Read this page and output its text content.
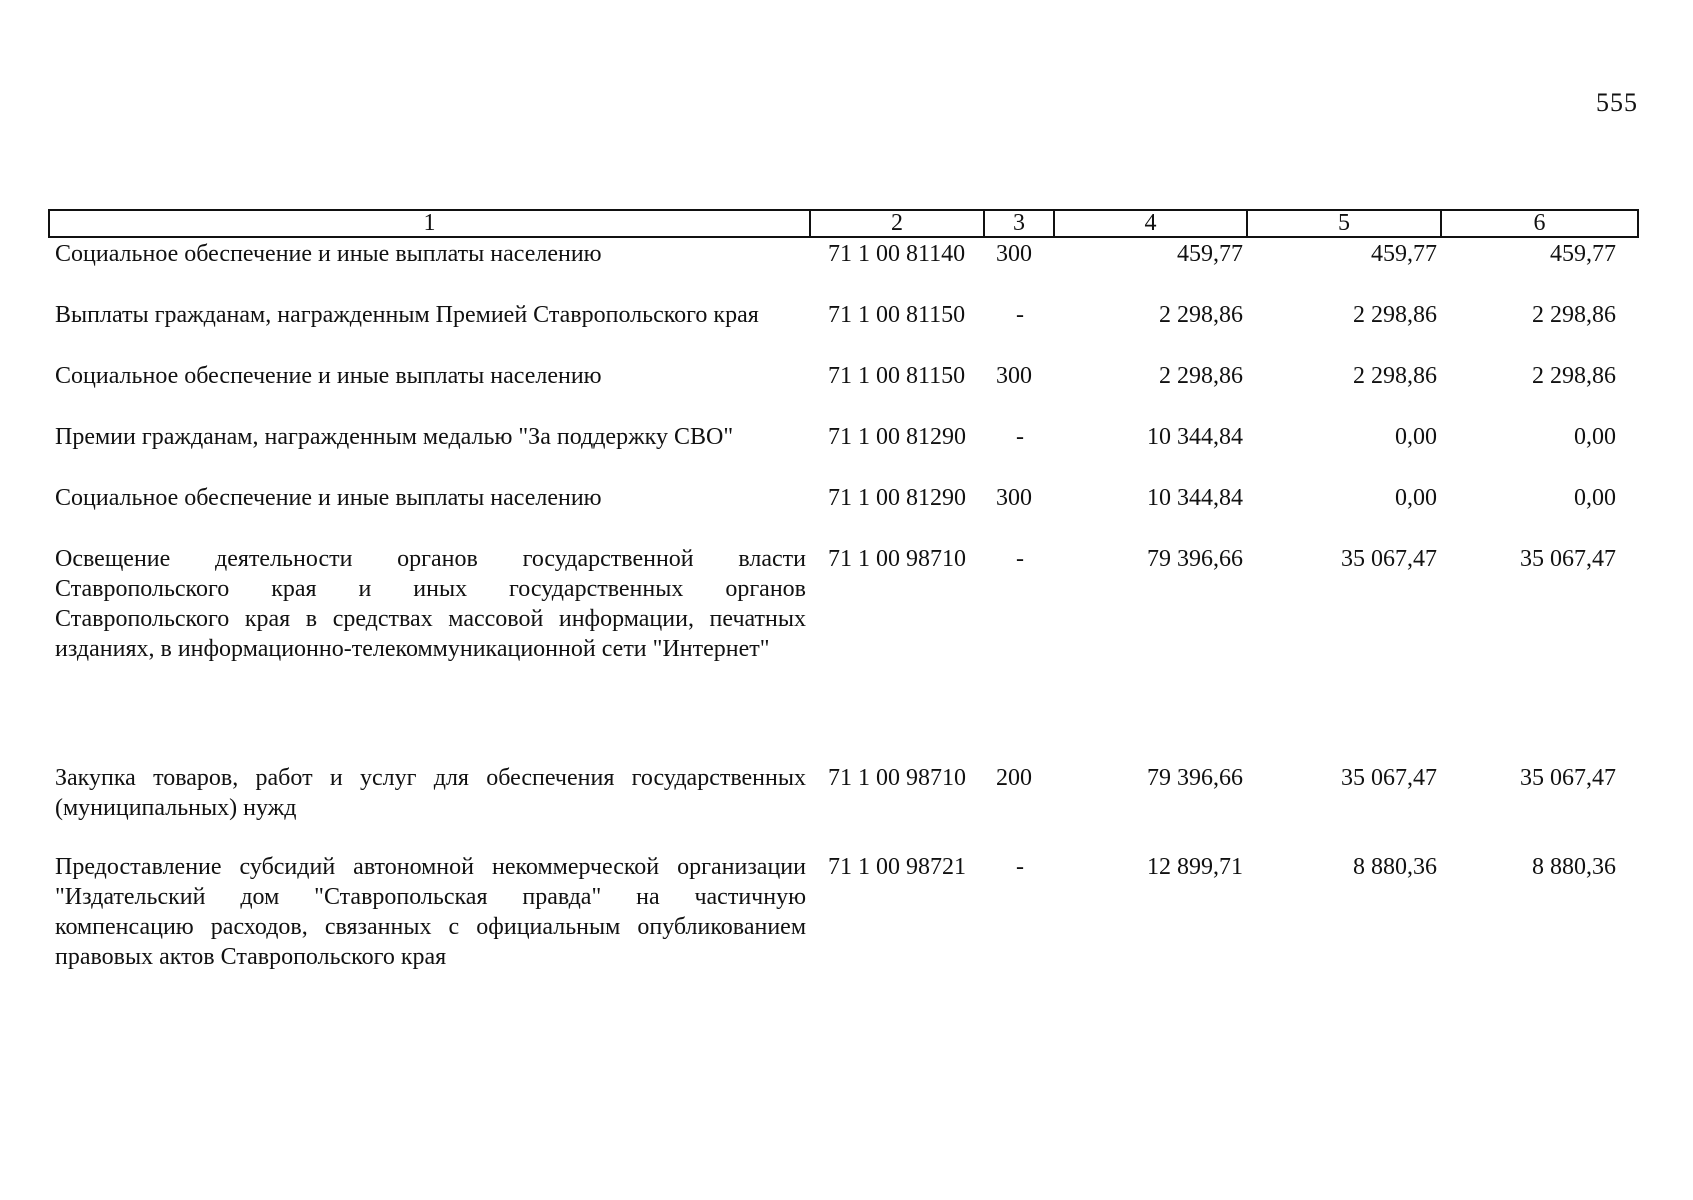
555
1	2	3	4	5	6
Социальное обеспечение и иные выплаты населению	71 1 00 81140	300	459,77	459,77	459,77
Выплаты гражданам, награжденным Премией Ставропольского края	71 1 00 81150	-	2 298,86	2 298,86	2 298,86
Социальное обеспечение и иные выплаты населению	71 1 00 81150	300	2 298,86	2 298,86	2 298,86
Премии гражданам, награжденным медалью "За поддержку СВО"	71 1 00 81290	-	10 344,84	0,00	0,00
Социальное обеспечение и иные выплаты населению	71 1 00 81290	300	10 344,84	0,00	0,00
Освещение деятельности органов государственной власти Ставропольского края и иных государственных органов Ставропольского края в средствах массовой информации, печатных изданиях, в информационно-телекоммуникационной сети "Интернет"	71 1 00 98710	-	79 396,66	35 067,47	35 067,47
Закупка товаров, работ и услуг для обеспечения государственных (муниципальных) нужд	71 1 00 98710	200	79 396,66	35 067,47	35 067,47
Предоставление субсидий автономной некоммерческой организации "Издательский дом "Ставропольская правда" на частичную компенсацию расходов, связанных с официальным опубликованием правовых актов Ставропольского края	71 1 00 98721	-	12 899,71	8 880,36	8 880,36
